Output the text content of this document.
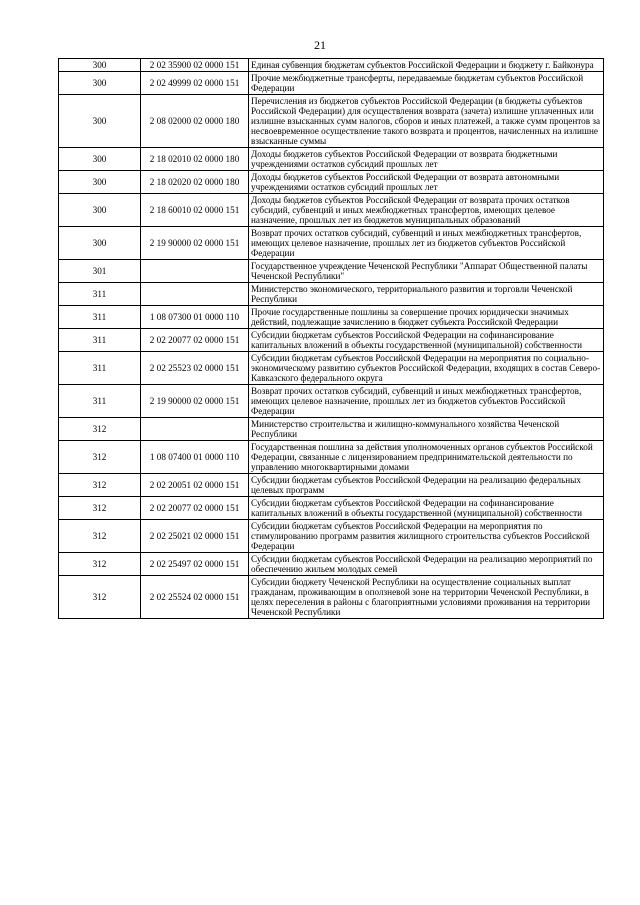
21
300	2 02 35900 02 0000 151	Единая субвенция бюджетам субъектов Российской Федерации и бюджету г. Байконура
300	2 02 49999 02 0000 151	Прочие межбюджетные трансферты, передаваемые бюджетам субъектов Российской Федерации
300	2 08 02000 02 0000 180	Перечисления из бюджетов субъектов Российской Федерации (в бюджеты субъектов Российской Федерации) для осуществления возврата (зачета) излишне уплаченных или излишне взысканных сумм налогов, сборов и иных платежей, а также сумм процентов за несвоевременное осуществление такого возврата и процентов, начисленных на излишне взысканные суммы
300	2 18 02010 02 0000 180	Доходы бюджетов субъектов Российской Федерации от возврата бюджетными учреждениями остатков субсидий прошлых лет
300	2 18 02020 02 0000 180	Доходы бюджетов субъектов Российской Федерации от возврата автономными учреждениями остатков субсидий прошлых лет
300	2 18 60010 02 0000 151	Доходы бюджетов субъектов Российской Федерации от возврата прочих остатков субсидий, субвенций и иных межбюджетных трансфертов, имеющих целевое назначение, прошлых лет из бюджетов муниципальных образований
300	2 19 90000 02 0000 151	Возврат прочих остатков субсидий, субвенций и иных межбюджетных трансфертов, имеющих целевое назначение, прошлых лет из бюджетов субъектов Российской Федерации
301		Государственное учреждение Чеченской Республики "Аппарат Общественной палаты Чеченской Республики"
311		Министерство экономического, территориального развития и торговли Чеченской Республики
311	1 08 07300 01 0000 110	Прочие государственные пошлины за совершение прочих юридически значимых действий, подлежащие зачислению в бюджет субъекта Российской Федерации
311	2 02 20077 02 0000 151	Субсидии бюджетам субъектов Российской Федерации на софинансирование капитальных вложений в объекты государственной (муниципальной) собственности
311	2 02 25523 02 0000 151	Субсидии бюджетам субъектов Российской Федерации на мероприятия по социально-экономическому развитию субъектов Российской Федерации, входящих в состав Северо-Кавказского федерального округа
311	2 19 90000 02 0000 151	Возврат прочих остатков субсидий, субвенций и иных межбюджетных трансфертов, имеющих целевое назначение, прошлых лет из бюджетов субъектов Российской Федерации
312		Министерство строительства и жилищно-коммунального хозяйства Чеченской Республики
312	1 08 07400 01 0000 110	Государственная пошлина за действия уполномоченных органов субъектов Российской Федерации, связанные с лицензированием предпринимательской деятельности по управлению многоквартирными домами
312	2 02 20051 02 0000 151	Субсидии бюджетам субъектов Российской Федерации на реализацию федеральных целевых программ
312	2 02 20077 02 0000 151	Субсидии бюджетам субъектов Российской Федерации на софинансирование капитальных вложений в объекты государственной (муниципальной) собственности
312	2 02 25021 02 0000 151	Субсидии бюджетам субъектов Российской Федерации на мероприятия по стимулированию программ развития жилищного строительства субъектов Российской Федерации
312	2 02 25497 02 0000 151	Субсидии бюджетам субъектов Российской Федерации на реализацию мероприятий по обеспечению жильем молодых семей
312	2 02 25524 02 0000 151	Субсидии бюджету Чеченской Республики на осуществление социальных выплат гражданам, проживающим в оползневой зоне на территории Чеченской Республики, в целях переселения в районы с благоприятными условиями проживания на территории Чеченской Республики
